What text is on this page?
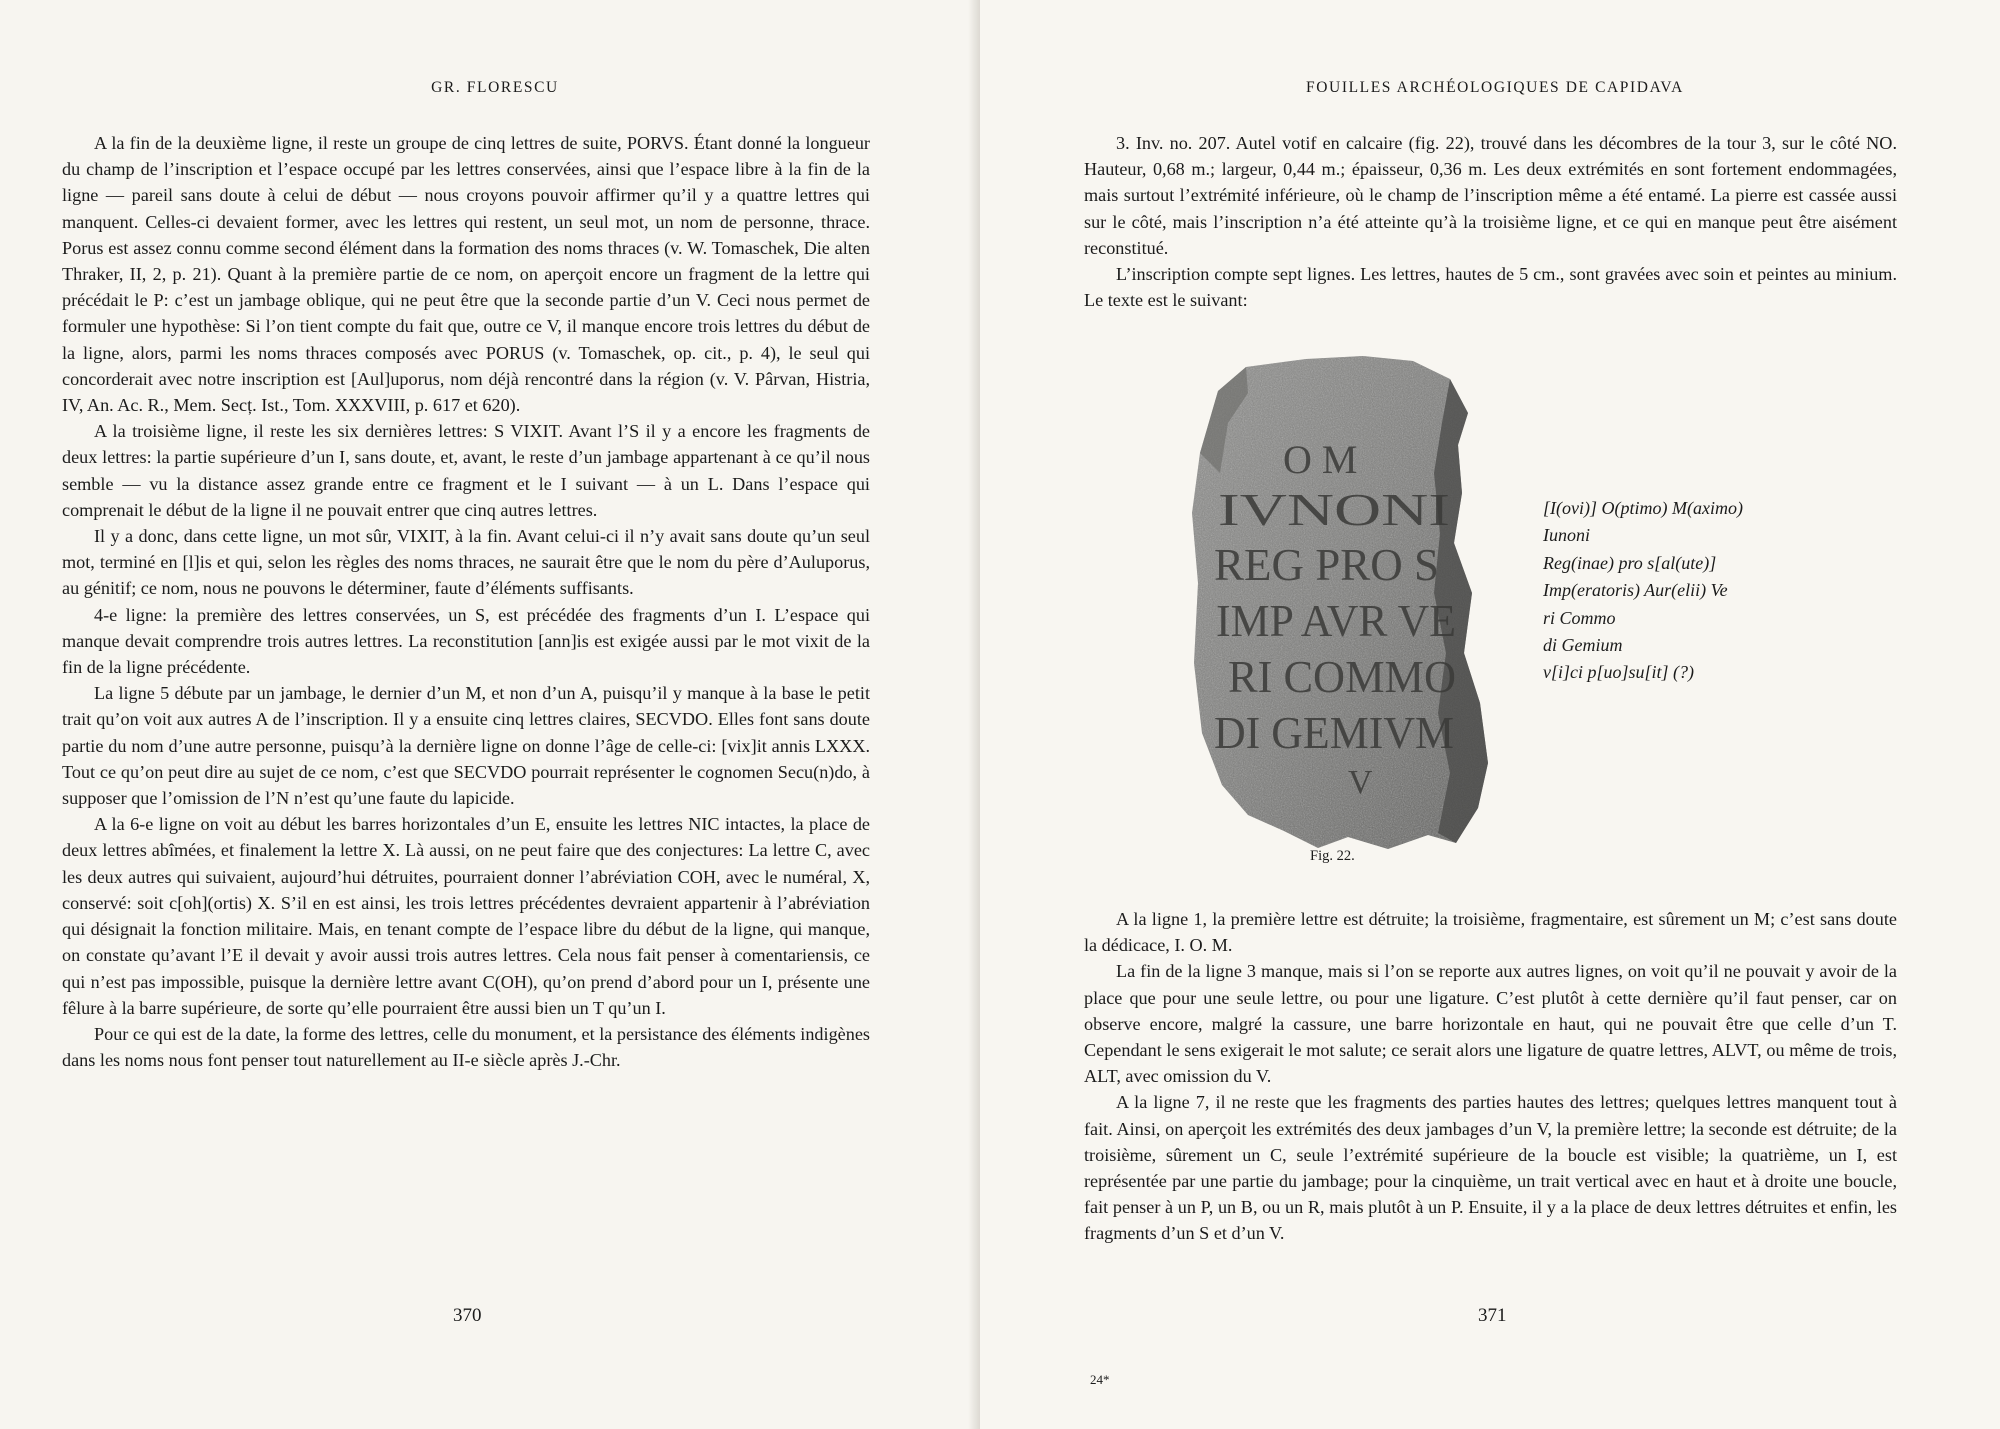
GR. FLORESCU

A la fin de la deuxième ligne, il reste un groupe de cinq lettres de suite, PORVS. Étant donné la longueur du champ de l’inscription et l’espace occupé par les lettres conservées, ainsi que l’espace libre à la fin de la ligne — pareil sans doute à celui de début — nous croyons pouvoir affirmer qu’il y a quattre lettres qui manquent. Celles-ci devaient former, avec les lettres qui restent, un seul mot, un nom de personne, thrace. Porus est assez connu comme second élément dans la formation des noms thraces (v. W. Tomaschek, Die alten Thraker, II, 2, p. 21). Quant à la première partie de ce nom, on aperçoit encore un fragment de la lettre qui précédait le P: c’est un jambage oblique, qui ne peut être que la seconde partie d’un V. Ceci nous permet de formuler une hypothèse: Si l’on tient compte du fait que, outre ce V, il manque encore trois lettres du début de la ligne, alors, parmi les noms thraces composés avec PORUS (v. Tomaschek, op. cit., p. 4), le seul qui concorderait avec notre inscription est [Aul]uporus, nom déjà rencontré dans la région (v. V. Pârvan, Histria, IV, An. Ac. R., Mem. Secț. Ist., Tom. XXXVIII, p. 617 et 620).

A la troisième ligne, il reste les six dernières lettres: S VIXIT. Avant l’S il y a encore les fragments de deux lettres: la partie supérieure d’un I, sans doute, et, avant, le reste d’un jambage appartenant à ce qu’il nous semble — vu la distance assez grande entre ce fragment et le I suivant — à un L. Dans l’espace qui comprenait le début de la ligne il ne pouvait entrer que cinq autres lettres.

Il y a donc, dans cette ligne, un mot sûr, VIXIT, à la fin. Avant celui-ci il n’y avait sans doute qu’un seul mot, terminé en [l]is et qui, selon les règles des noms thraces, ne saurait être que le nom du père d’Auluporus, au génitif; ce nom, nous ne pouvons le déterminer, faute d’éléments suffisants.

4-e ligne: la première des lettres conservées, un S, est précédée des fragments d’un I. L’espace qui manque devait comprendre trois autres lettres. La reconstitution [ann]is est exigée aussi par le mot vixit de la fin de la ligne précédente.

La ligne 5 débute par un jambage, le dernier d’un M, et non d’un A, puisqu’il y manque à la base le petit trait qu’on voit aux autres A de l’inscription. Il y a ensuite cinq lettres claires, SECVDO. Elles font sans doute partie du nom d’une autre personne, puisqu’à la dernière ligne on donne l’âge de celle-ci: [vix]it annis LXXX. Tout ce qu’on peut dire au sujet de ce nom, c’est que SECVDO pourrait représenter le cognomen Secu(n)do, à supposer que l’omission de l’N n’est qu’une faute du lapicide.

A la 6-e ligne on voit au début les barres horizontales d’un E, ensuite les lettres NIC intactes, la place de deux lettres abîmées, et finalement la lettre X. Là aussi, on ne peut faire que des conjectures: La lettre C, avec les deux autres qui suivaient, aujourd’hui détruites, pourraient donner l’abréviation COH, avec le numéral, X, conservé: soit c[oh](ortis) X. S’il en est ainsi, les trois lettres précédentes devraient appartenir à l’abréviation qui désignait la fonction militaire. Mais, en tenant compte de l’espace libre du début de la ligne, qui manque, on constate qu’avant l’E il devait y avoir aussi trois autres lettres. Cela nous fait penser à comentariensis, ce qui n’est pas impossible, puisque la dernière lettre avant C(OH), qu’on prend d’abord pour un I, présente une fêlure à la barre supérieure, de sorte qu’elle pourraient être aussi bien un T qu’un I.

Pour ce qui est de la date, la forme des lettres, celle du monument, et la persistance des éléments indigènes dans les noms nous font penser tout naturellement au II-e siècle après J.-Chr.

370
FOUILLES ARCHÉOLOGIQUES DE CAPIDAVA

3. Inv. no. 207. Autel votif en calcaire (fig. 22), trouvé dans les décombres de la tour 3, sur le côté NO. Hauteur, 0,68 m.; largeur, 0,44 m.; épaisseur, 0,36 m. Les deux extrémités en sont fortement endommagées, mais surtout l’extrémité inférieure, où le champ de l’inscription même a été entamé. La pierre est cassée aussi sur le côté, mais l’inscription n’a été atteinte qu’à la troisième ligne, et ce qui en manque peut être aisément reconstitué.

L’inscription compte sept lignes. Les lettres, hautes de 5 cm., sont gravées avec soin et peintes au minium. Le texte est le suivant:

O M
IVNONI
REG PRO S
IMP AVR VE
RI COMMO
DI GEMIVM
V
Fig. 22.
[I(ovi)] O(ptimo) M(aximo)
Iunoni
Reg(inae) pro s[al(ute)]
Imp(eratoris) Aur(elii) Ve
ri Commo
di Gemium
v[i]ci p[uo]su[it] (?)

A la ligne 1, la première lettre est détruite; la troisième, fragmentaire, est sûrement un M; c’est sans doute la dédicace, I. O. M.

La fin de la ligne 3 manque, mais si l’on se reporte aux autres lignes, on voit qu’il ne pouvait y avoir de la place que pour une seule lettre, ou pour une ligature. C’est plutôt à cette dernière qu’il faut penser, car on observe encore, malgré la cassure, une barre horizontale en haut, qui ne pouvait être que celle d’un T. Cependant le sens exigerait le mot salute; ce serait alors une ligature de quatre lettres, ALVT, ou même de trois, ALT, avec omission du V.

A la ligne 7, il ne reste que les fragments des parties hautes des lettres; quelques lettres manquent tout à fait. Ainsi, on aperçoit les extrémités des deux jambages d’un V, la première lettre; la seconde est détruite; de la troisième, sûrement un C, seule l’extrémité supérieure de la boucle est visible; la quatrième, un I, est représentée par une partie du jambage; pour la cinquième, un trait vertical avec en haut et à droite une boucle, fait penser à un P, un B, ou un R, mais plutôt à un P. Ensuite, il y a la place de deux lettres détruites et enfin, les fragments d’un S et d’un V.

371
24*
